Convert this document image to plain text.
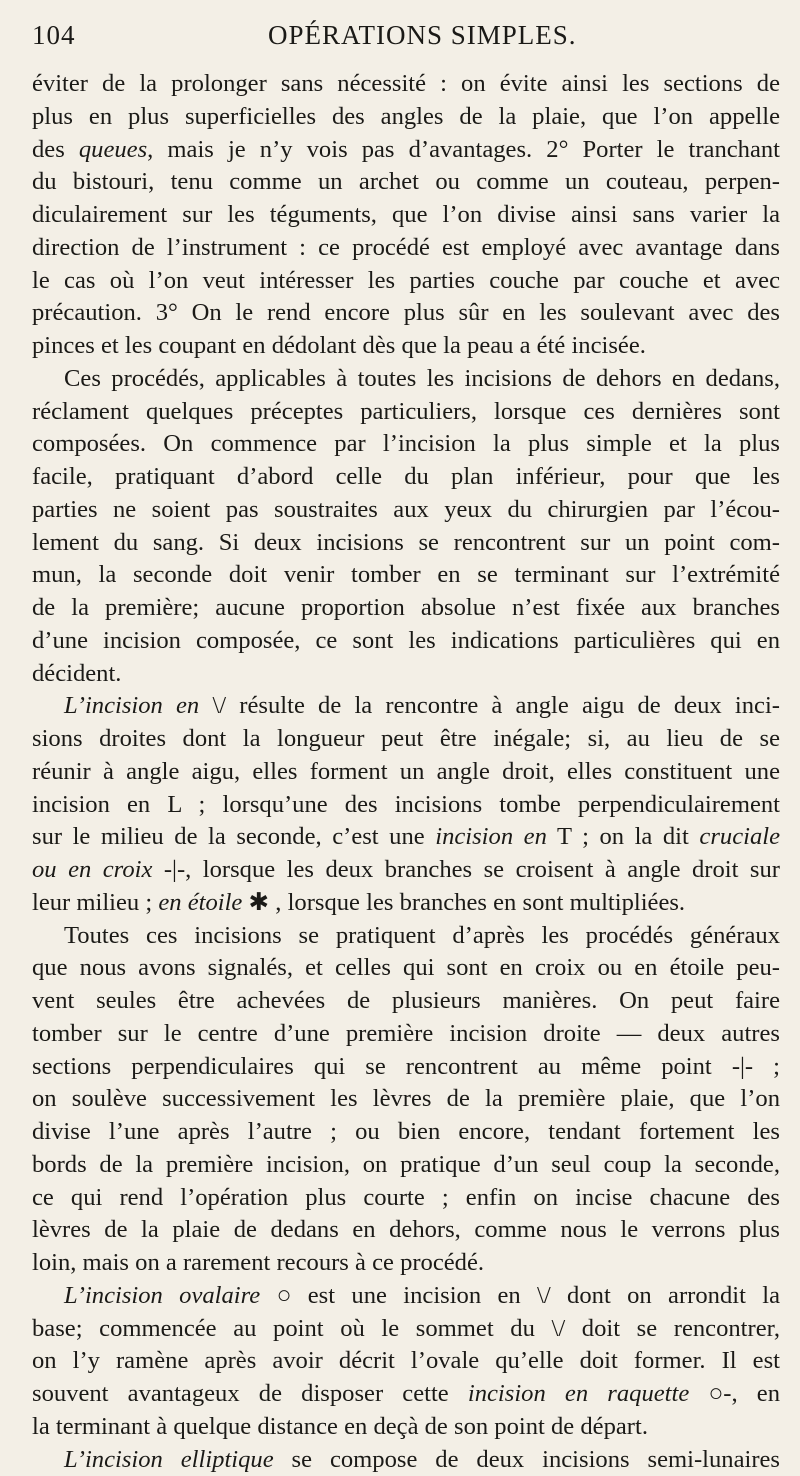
104	OPÉRATIONS SIMPLES.
éviter de la prolonger sans nécessité : on évite ainsi les sections de
plus en plus superficielles des angles de la plaie, que l’on appelle
des queues, mais je n’y vois pas d’avantages. 2° Porter le tranchant
du bistouri, tenu comme un archet ou comme un couteau, perpen-
diculairement sur les téguments, que l’on divise ainsi sans varier la
direction de l’instrument : ce procédé est employé avec avantage dans
le cas où l’on veut intéresser les parties couche par couche et avec
précaution. 3° On le rend encore plus sûr en les soulevant avec des
pinces et les coupant en dédolant dès que la peau a été incisée.
Ces procédés, applicables à toutes les incisions de dehors en dedans,
réclament quelques préceptes particuliers, lorsque ces dernières sont
composées. On commence par l’incision la plus simple et la plus
facile, pratiquant d’abord celle du plan inférieur, pour que les
parties ne soient pas soustraites aux yeux du chirurgien par l’écou-
lement du sang. Si deux incisions se rencontrent sur un point com-
mun, la seconde doit venir tomber en se terminant sur l’extrémité
de la première; aucune proportion absolue n’est fixée aux branches
d’une incision composée, ce sont les indications particulières qui en
décident.
L’incision en \/ résulte de la rencontre à angle aigu de deux inci-
sions droites dont la longueur peut être inégale; si, au lieu de se
réunir à angle aigu, elles forment un angle droit, elles constituent une
incision en L ; lorsqu’une des incisions tombe perpendiculairement
sur le milieu de la seconde, c’est une incision en T ; on la dit cruciale
ou en croix -|-, lorsque les deux branches se croisent à angle droit sur
leur milieu ; en étoile ✱ , lorsque les branches en sont multipliées.
Toutes ces incisions se pratiquent d’après les procédés généraux
que nous avons signalés, et celles qui sont en croix ou en étoile peu-
vent seules être achevées de plusieurs manières. On peut faire
tomber sur le centre d’une première incision droite — deux autres
sections perpendiculaires qui se rencontrent au même point -|- ;
on soulève successivement les lèvres de la première plaie, que l’on
divise l’une après l’autre ; ou bien encore, tendant fortement les
bords de la première incision, on pratique d’un seul coup la seconde,
ce qui rend l’opération plus courte ; enfin on incise chacune des
lèvres de la plaie de dedans en dehors, comme nous le verrons plus
loin, mais on a rarement recours à ce procédé.
L’incision ovalaire ○ est une incision en \/ dont on arrondit la
base; commencée au point où le sommet du \/ doit se rencontrer,
on l’y ramène après avoir décrit l’ovale qu’elle doit former. Il est
souvent avantageux de disposer cette incision en raquette ○-, en
la terminant à quelque distance en deçà de son point de départ.
L’incision elliptique se compose de deux incisions semi-lunaires
